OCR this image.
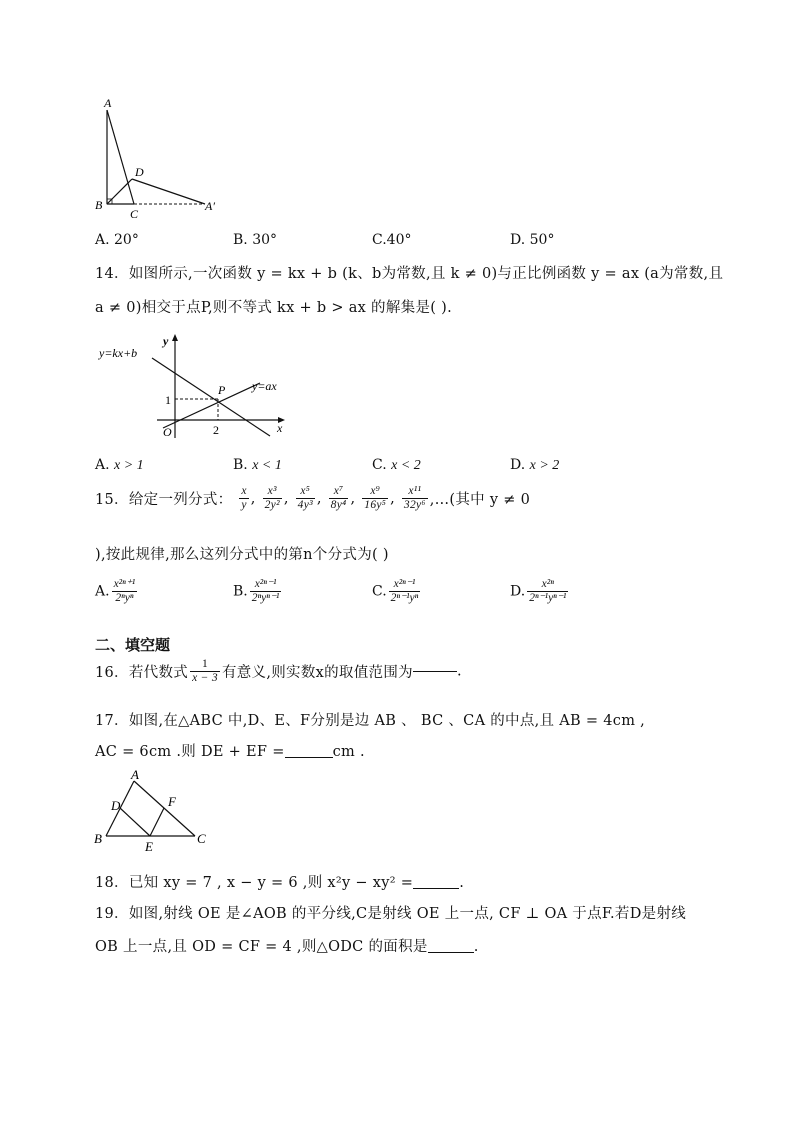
A
D
B
C
A′
A. 20°	B. 30°	C.40°	D. 50°
14．如图所示,一次函数 y = kx + b (k、b为常数,且 k ≠ 0)与正比例函数 y = ax (a为常数,且
a ≠ 0)相交于点P,则不等式 kx + b > ax 的解集是( ).
y=kx+b
y=ax
y
x
O
P
1
2
A. x > 1	B. x < 1	C. x < 2	D. x > 2
15．给定一列分式： $\frac{x}{y}$ , $\frac{\text{x³}}{\text{2y²}}$ , $\frac{\text{x⁵}}{\text{4y³}}$ , $\frac{\text{x⁷}}{\text{8y⁴}}$ , $\frac{\text{x⁹}}{\text{16y⁵}}$ , $\frac{\text{x¹¹}}{\text{32y⁶}}$ ,…(其中 y ≠ 0
),按此规律,那么这列分式中的第n个分式为( )
A. $\frac{\text{x²ⁿ⁺¹}}{\text{2ⁿyⁿ}}$	B. $\frac{\text{x²ⁿ⁻¹}}{\text{2ⁿyⁿ⁻¹}}$	C. $\frac{\text{x²ⁿ⁻¹}}{\text{2ⁿ⁻¹yⁿ}}$	D. $\frac{\text{x²ⁿ}}{\text{2ⁿ⁻¹yⁿ⁻¹}}$
二、填空题
16．若代数式 $\frac{1}{x - 3}$ 有意义,则实数x的取值范围为	.
17．如图,在△ABC 中,D、E、F分别是边 AB 、 BC 、CA 的中点,且 AB = 4cm ,
AC = 6cm .则 DE + EF =	cm .
A
D	F
B	C
E
18．已知 xy = 7 , x − y = 6 ,则 x²y − xy² =	.
19．如图,射线 OE 是∠AOB 的平分线,C是射线 OE 上一点, CF ⊥ OA 于点F.若D是射线
OB 上一点,且 OD = CF = 4 ,则△ODC 的面积是	.
